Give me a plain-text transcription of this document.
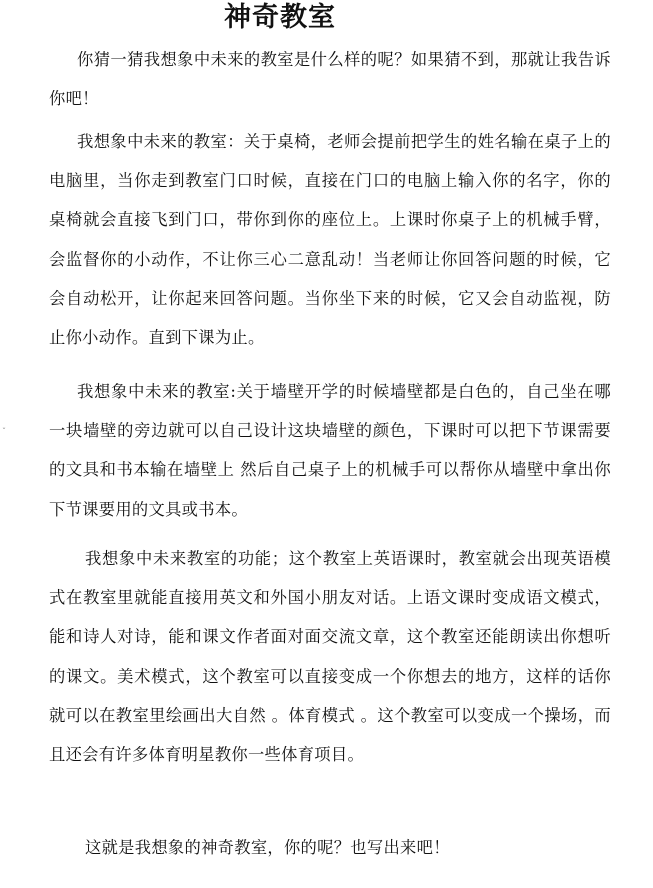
神奇教室

你猜一猜我想象中未来的教室是什么样的呢？如果猜不到，那就让我告诉你吧！

我想象中未来的教室：关于桌椅，老师会提前把学生的姓名输在桌子上的电脑里，当你走到教室门口时候，直接在门口的电脑上输入你的名字，你的桌椅就会直接飞到门口，带你到你的座位上。上课时你桌子上的机械手臂，会监督你的小动作，不让你三心二意乱动！当老师让你回答问题的时候，它会自动松开，让你起来回答问题。当你坐下来的时候，它又会自动监视，防止你小动作。直到下课为止。

我想象中未来的教室:关于墙壁开学的时候墙壁都是白色的，自己坐在哪一块墙壁的旁边就可以自己设计这块墙壁的颜色，下课时可以把下节课需要的文具和书本输在墙壁上 然后自己桌子上的机械手可以帮你从墙壁中拿出你下节课要用的文具或书本。

我想象中未来教室的功能；这个教室上英语课时，教室就会出现英语模式在教室里就能直接用英文和外国小朋友对话。上语文课时变成语文模式，能和诗人对诗，能和课文作者面对面交流文章，这个教室还能朗读出你想听的课文。美术模式，这个教室可以直接变成一个你想去的地方，这样的话你就可以在教室里绘画出大自然 。体育模式 。这个教室可以变成一个操场，而且还会有许多体育明星教你一些体育项目。

这就是我想象的神奇教室，你的呢？也写出来吧！

ˇ
